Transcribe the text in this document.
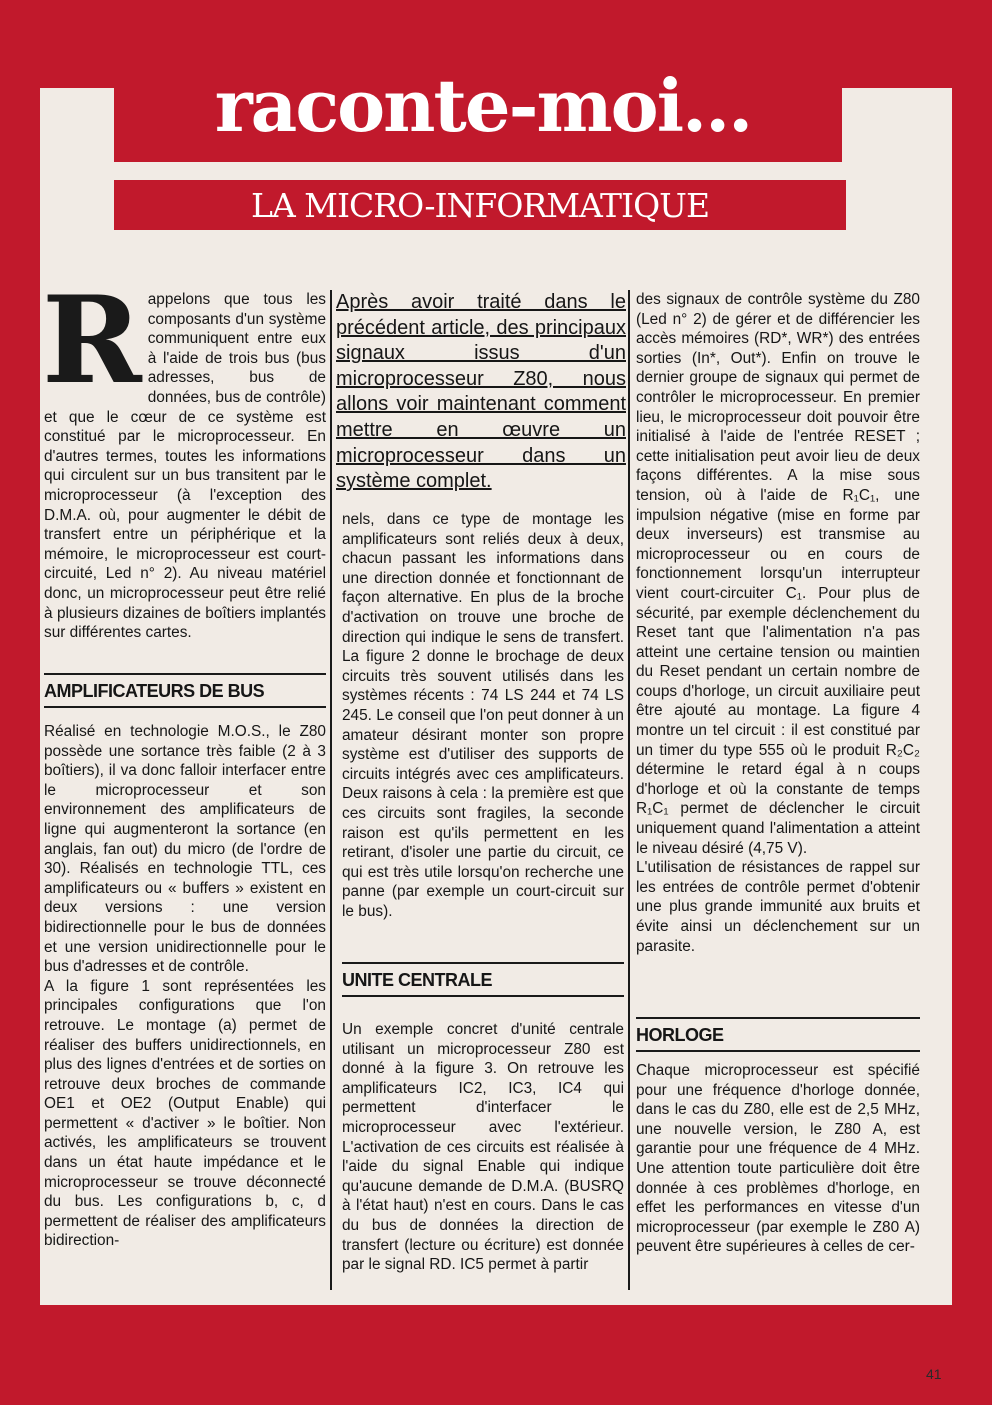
raconte-moi...
LA MICRO-INFORMATIQUE
R appelons que tous les composants d'un système communiquent entre eux à l'aide de trois bus (bus adresses, bus de données, bus de contrôle) et que le cœur de ce système est constitué par le microprocesseur. En d'autres termes, toutes les informations qui circulent sur un bus transitent par le microprocesseur (à l'exception des D.M.A. où, pour augmenter le débit de transfert entre un périphérique et la mémoire, le microprocesseur est court-circuité, Led n° 2). Au niveau matériel donc, un microprocesseur peut être relié à plusieurs dizaines de boîtiers implantés sur différentes cartes.

AMPLIFICATEURS DE BUS

Réalisé en technologie M.O.S., le Z80 possède une sortance très faible (2 à 3 boîtiers), il va donc falloir interfacer entre le microprocesseur et son environnement des amplificateurs de ligne qui augmenteront la sortance (en anglais, fan out) du micro (de l'ordre de 30). Réalisés en technologie TTL, ces amplificateurs ou « buffers » existent en deux versions : une version bidirectionnelle pour le bus de données et une version unidirectionnelle pour le bus d'adresses et de contrôle.

A la figure 1 sont représentées les principales configurations que l'on retrouve. Le montage (a) permet de réaliser des buffers unidirectionnels, en plus des lignes d'entrées et de sorties on retrouve deux broches de commande OE1 et OE2 (Output Enable) qui permettent « d'activer » le boîtier. Non activés, les amplificateurs se trouvent dans un état haute impédance et le microprocesseur se trouve déconnecté du bus. Les configurations b, c, d permettent de réaliser des amplificateurs bidirection-

Après avoir traité dans le précédent article, des principaux signaux issus d'un microprocesseur Z80, nous allons voir maintenant comment mettre en œuvre un microprocesseur dans un système complet.

nels, dans ce type de montage les amplificateurs sont reliés deux à deux, chacun passant les informations dans une direction donnée et fonctionnant de façon alternative. En plus de la broche d'activation on trouve une broche de direction qui indique le sens de transfert. La figure 2 donne le brochage de deux circuits très souvent utilisés dans les systèmes récents : 74 LS 244 et 74 LS 245. Le conseil que l'on peut donner à un amateur désirant monter son propre système est d'utiliser des supports de circuits intégrés avec ces amplificateurs. Deux raisons à cela : la première est que ces circuits sont fragiles, la seconde raison est qu'ils permettent en les retirant, d'isoler une partie du circuit, ce qui est très utile lorsqu'on recherche une panne (par exemple un court-circuit sur le bus).

UNITE CENTRALE

Un exemple concret d'unité centrale utilisant un microprocesseur Z80 est donné à la figure 3. On retrouve les amplificateurs IC2, IC3, IC4 qui permettent d'interfacer le microprocesseur avec l'extérieur. L'activation de ces circuits est réalisée à l'aide du signal Enable qui indique qu'aucune demande de D.M.A. (BUSRQ à l'état haut) n'est en cours. Dans le cas du bus de données la direction de transfert (lecture ou écriture) est donnée par le signal RD. IC5 permet à partir

des signaux de contrôle système du Z80 (Led n° 2) de gérer et de différencier les accès mémoires (RD*, WR*) des entrées sorties (In*, Out*). Enfin on trouve le dernier groupe de signaux qui permet de contrôler le microprocesseur. En premier lieu, le microprocesseur doit pouvoir être initialisé à l'aide de l'entrée RESET ; cette initialisation peut avoir lieu de deux façons différentes. A la mise sous tension, où à l'aide de R₁C₁, une impulsion négative (mise en forme par deux inverseurs) est transmise au microprocesseur ou en cours de fonctionnement lorsqu'un interrupteur vient court-circuiter C₁. Pour plus de sécurité, par exemple déclenchement du Reset tant que l'alimentation n'a pas atteint une certaine tension ou maintien du Reset pendant un certain nombre de coups d'horloge, un circuit auxiliaire peut être ajouté au montage. La figure 4 montre un tel circuit : il est constitué par un timer du type 555 où le produit R₂C₂ détermine le retard égal à n coups d'horloge et où la constante de temps R₁C₁ permet de déclencher le circuit uniquement quand l'alimentation a atteint le niveau désiré (4,75 V).

L'utilisation de résistances de rappel sur les entrées de contrôle permet d'obtenir une plus grande immunité aux bruits et évite ainsi un déclenchement sur un parasite.

HORLOGE

Chaque microprocesseur est spécifié pour une fréquence d'horloge donnée, dans le cas du Z80, elle est de 2,5 MHz, une nouvelle version, le Z80 A, est garantie pour une fréquence de 4 MHz. Une attention toute particulière doit être donnée à ces problèmes d'horloge, en effet les performances en vitesse d'un microprocesseur (par exemple le Z80 A) peuvent être supérieures à celles de cer-

41
